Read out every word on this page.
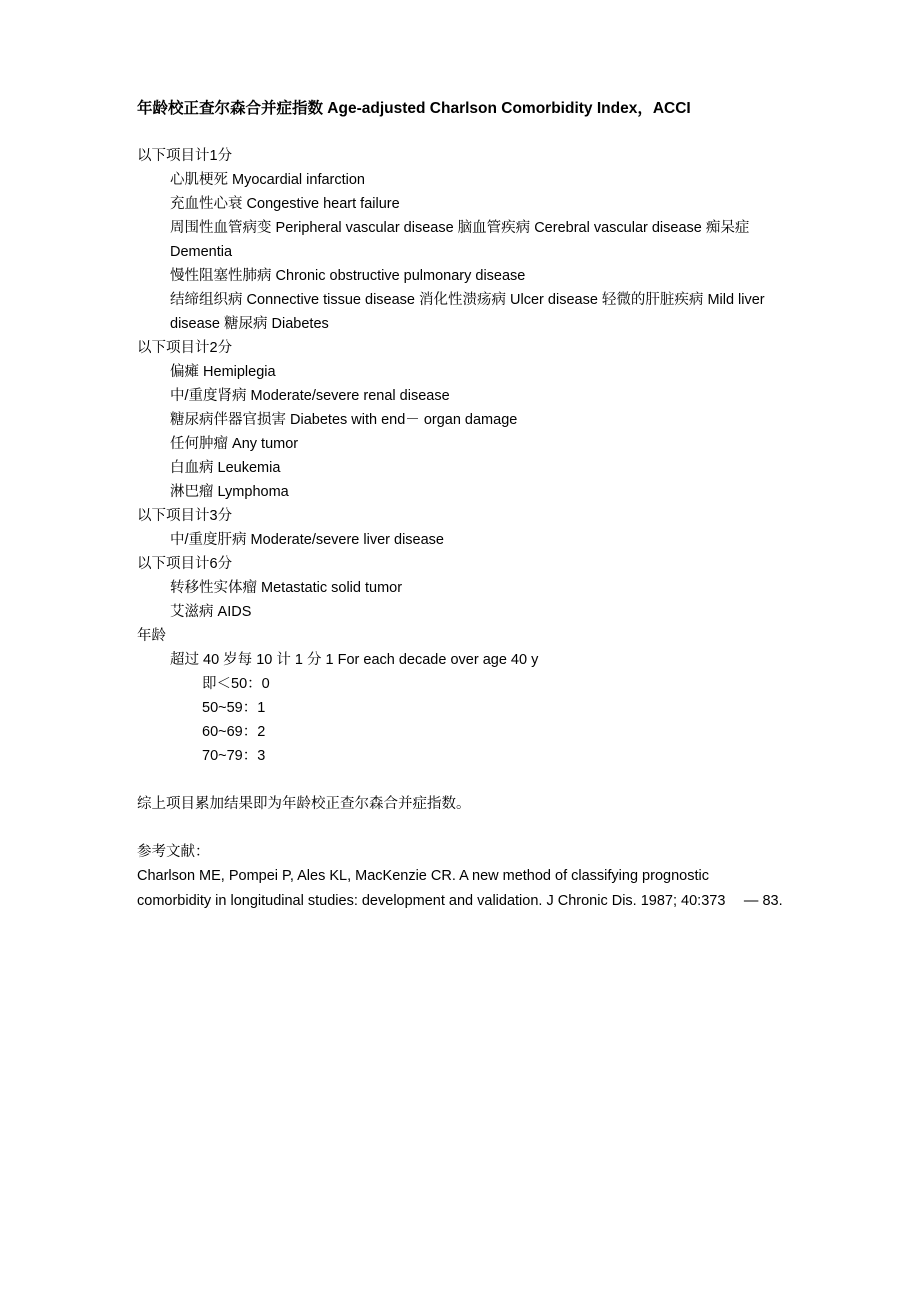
年龄校正查尔森合并症指数 Age-adjusted Charlson Comorbidity Index，ACCI
以下项目计1分
心肌梗死 Myocardial infarction
充血性心衰 Congestive heart failure
周围性血管病变 Peripheral vascular disease 脑血管疾病 Cerebral vascular disease 痴呆症 Dementia
慢性阻塞性肺病 Chronic obstructive pulmonary disease
结缔组织病 Connective tissue disease 消化性溃疡病 Ulcer disease 轻微的肝脏疾病 Mild liver disease 糖尿病 Diabetes
以下项目计2分
偏瘫 Hemiplegia
中/重度肾病 Moderate/severe renal disease
糖尿病伴器官损害 Diabetes with end－ organ damage
任何肿瘤 Any tumor
白血病 Leukemia
淋巴瘤 Lymphoma
以下项目计3分
中/重度肝病 Moderate/severe liver disease
以下项目计6分
转移性实体瘤 Metastatic solid tumor
艾滋病 AIDS
年龄
超过 40 岁每 10 计 1 分 1 For each decade over age 40 y
即＜50：0
50~59：1
60~69：2
70~79：3
综上项目累加结果即为年龄校正查尔森合并症指数。
参考文献：
Charlson ME, Pompei P, Ales KL, MacKenzie CR. A new method of classifying prognostic comorbidity in longitudinal studies: development and validation. J Chronic Dis. 1987; 40:373 　— 83.
